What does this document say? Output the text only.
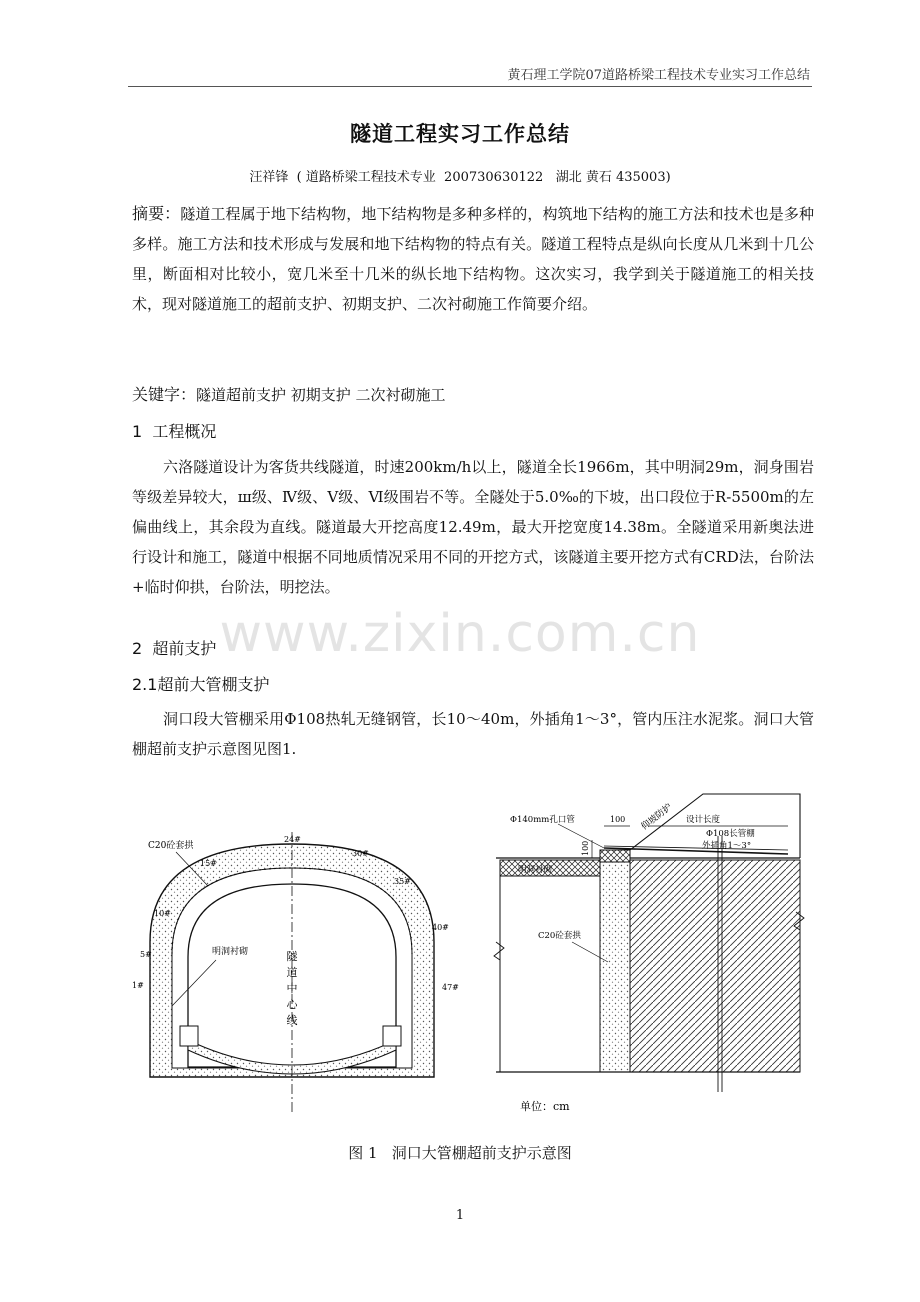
黄石理工学院07道路桥梁工程技术专业实习工作总结
隧道工程实习工作总结
汪祥锋  ( 道路桥梁工程技术专业  200730630122   湖北 黄石 435003)

摘要：隧道工程属于地下结构物，地下结构物是多种多样的，构筑地下结构的施工方法和技术也是多种多样。施工方法和技术形成与发展和地下结构物的特点有关。隧道工程特点是纵向长度从几米到十几公里，断面相对比较小，宽几米至十几米的纵长地下结构物。这次实习，我学到关于隧道施工的相关技术，现对隧道施工的超前支护、初期支护、二次衬砌施工作简要介绍。

关键字：隧道超前支护 初期支护 二次衬砌施工

1  工程概况

六洛隧道设计为客货共线隧道，时速200km/h以上，隧道全长1966m，其中明洞29m，洞身围岩等级差异较大，ш级、Ⅳ级、Ⅴ级、Ⅵ级围岩不等。全隧处于5.0‰的下坡，出口段位于R-5500m的左偏曲线上，其余段为直线。隧道最大开挖高度12.49m，最大开挖宽度14.38m。全隧道采用新奥法进行设计和施工，隧道中根据不同地质情况采用不同的开挖方式，该隧道主要开挖方式有CRD法，台阶法+临时仰拱，台阶法，明挖法。

2  超前支护
2.1超前大管棚支护

洞口段大管棚采用Φ108热轧无缝钢管，长10～40m，外插角1～3°，管内压注水泥浆。洞口大管棚超前支护示意图见图1.

www.zixin.com.cn
C20砼套拱
明洞衬砌	隧
道
中
心
线
24#
30#
15#
35#
10#
40#
5#
47#
1#
Φ140mm孔口管	100
100
仰坡防护 设计长度
Φ108长管棚
外插角1～3°
明洞衬砌
C20砼套拱
单位：cm
图 1   洞口大管棚超前支护示意图
1
